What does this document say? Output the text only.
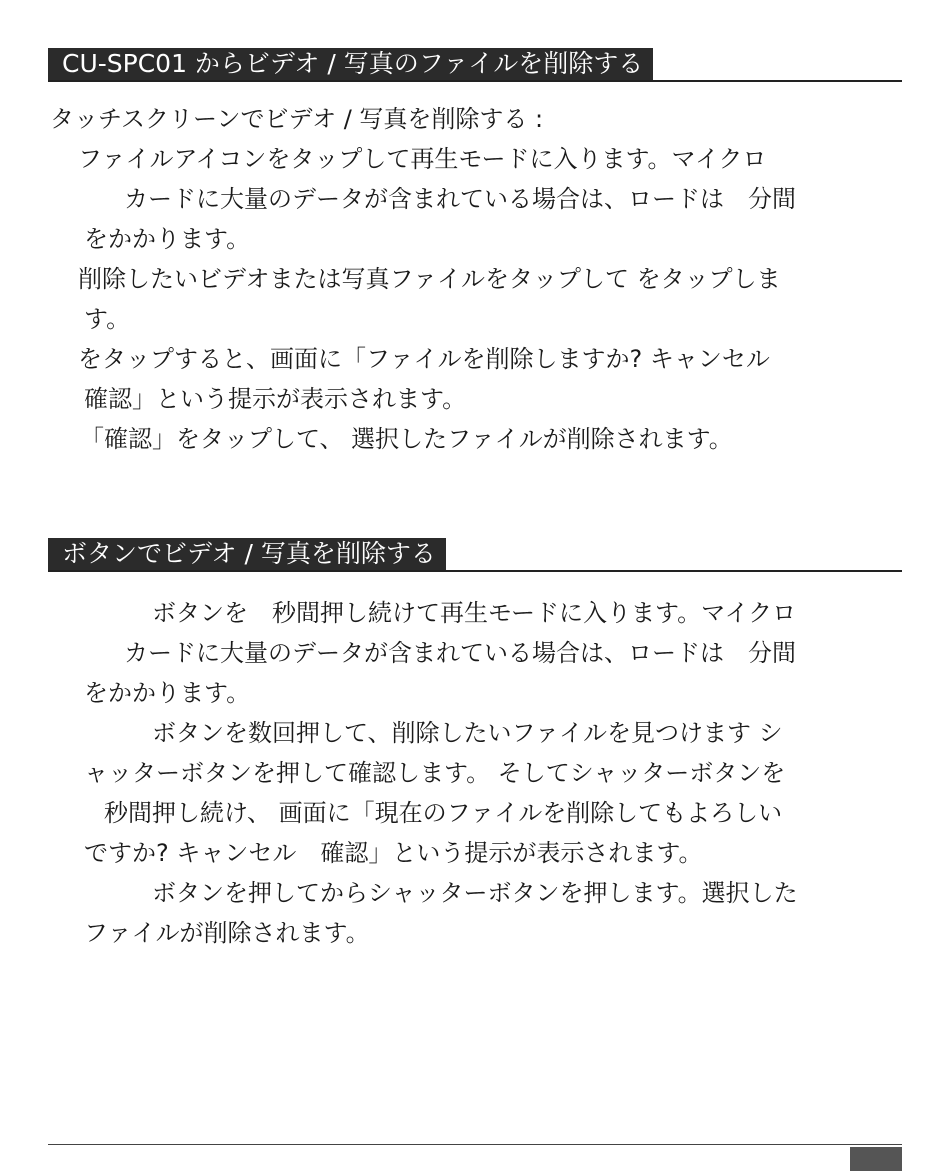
CU-SPC01 からビデオ / 写真のファイルを削除する
タッチスクリーンでビデオ / 写真を削除する :
ファイルアイコンをタップして再生モードに入ります。マイクロ
カードに大量のデータが含まれている場合は、ロードは　分間
をかかります。
削除したいビデオまたは写真ファイルをタップして をタップしま
す。
をタップすると、画面に「ファイルを削除しますか? キャンセル
確認」という提示が表示されます。
「確認」をタップして、 選択したファイルが削除されます。
ボタンでビデオ / 写真を削除する
ボタンを　秒間押し続けて再生モードに入ります。マイクロ
カードに大量のデータが含まれている場合は、ロードは　分間
をかかります。
ボタンを数回押して、削除したいファイルを見つけます シ
ャッターボタンを押して確認します。 そしてシャッターボタンを
秒間押し続け、 画面に「現在のファイルを削除してもよろしい
ですか? キャンセル　確認」という提示が表示されます。
ボタンを押してからシャッターボタンを押します。選択した
ファイルが削除されます。
